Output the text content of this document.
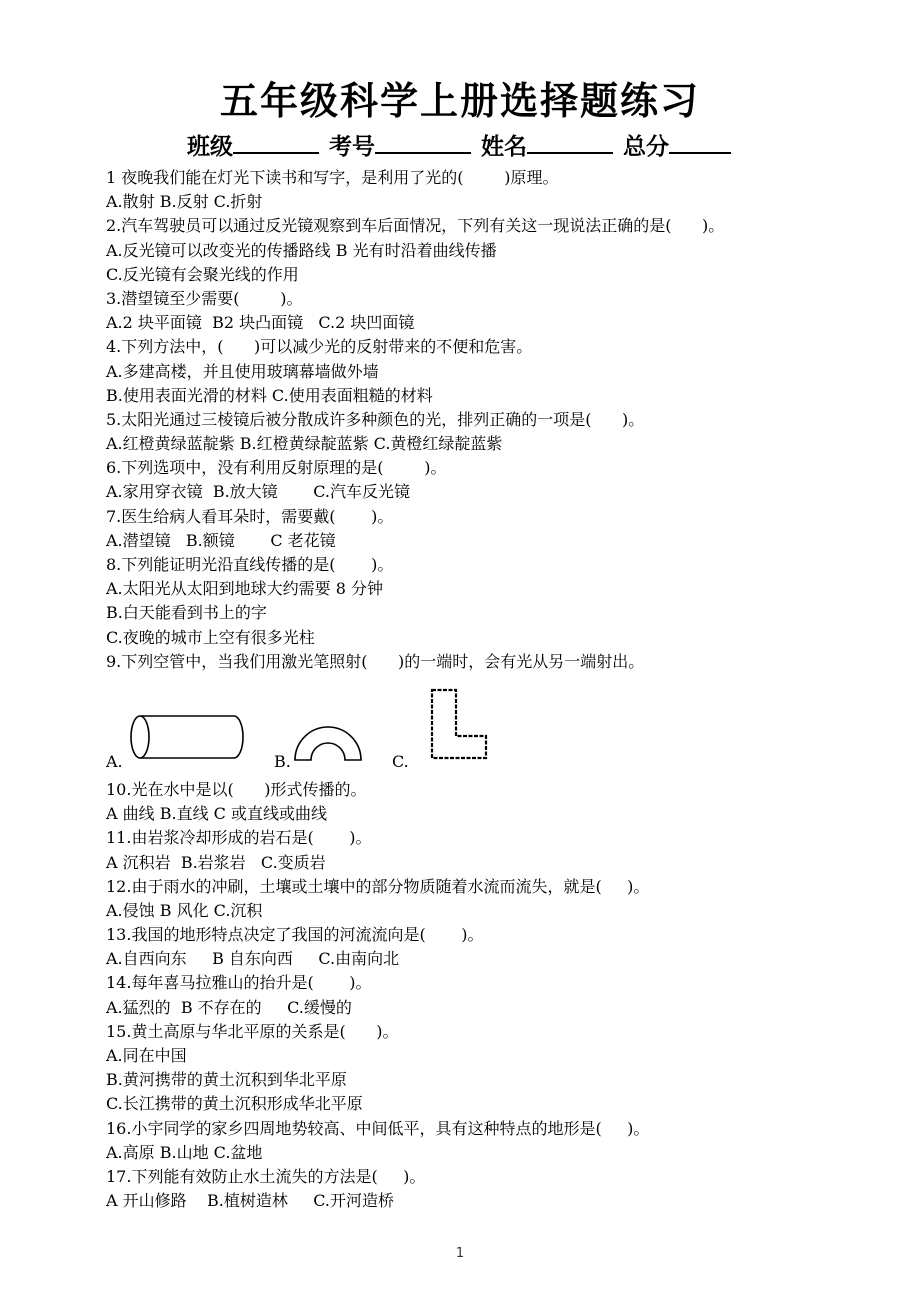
五年级科学上册选择题练习
班级	考号	姓名	总分
1 夜晚我们能在灯光下读书和写字，是利用了光的(        )原理。
A.散射 B.反射 C.折射
2.汽车驾驶员可以通过反光镜观察到车后面情况，下列有关这一现说法正确的是(      )。
A.反光镜可以改变光的传播路线 B 光有时沿着曲线传播
C.反光镜有会聚光线的作用
3.潜望镜至少需要(        )。
A.2 块平面镜  B2 块凸面镜   C.2 块凹面镜
4.下列方法中，(      )可以减少光的反射带来的不便和危害。
A.多建高楼，并且使用玻璃幕墙做外墙
B.使用表面光滑的材料 C.使用表面粗糙的材料
5.太阳光通过三棱镜后被分散成许多种颜色的光，排列正确的一项是(      )。
A.红橙黄绿蓝靛紫 B.红橙黄绿靛蓝紫 C.黄橙红绿靛蓝紫
6.下列选项中，没有利用反射原理的是(        )。
A.家用穿衣镜  B.放大镜       C.汽车反光镜
7.医生给病人看耳朵时，需要戴(       )。
A.潜望镜   B.额镜       C 老花镜
8.下列能证明光沿直线传播的是(       )。
A.太阳光从太阳到地球大约需要 8 分钟
B.白天能看到书上的字
C.夜晚的城市上空有很多光柱
9.下列空管中，当我们用激光笔照射(      )的一端时，会有光从另一端射出。
A.	B.	C.
10.光在水中是以(      )形式传播的。
A 曲线 B.直线 C 或直线或曲线
11.由岩浆冷却形成的岩石是(       )。
A 沉积岩  B.岩浆岩   C.变质岩
12.由于雨水的冲刷，土壤或土壤中的部分物质随着水流而流失，就是(     )。
A.侵蚀 B 风化 C.沉积
13.我国的地形特点决定了我国的河流流向是(       )。
A.自西向东     B 自东向西     C.由南向北
14.每年喜马拉雅山的抬升是(       )。
A.猛烈的  B 不存在的     C.缓慢的
15.黄土高原与华北平原的关系是(      )。
A.同在中国
B.黄河携带的黄土沉积到华北平原
C.长江携带的黄土沉积形成华北平原
16.小宇同学的家乡四周地势较高、中间低平，具有这种特点的地形是(     )。
A.高原 B.山地 C.盆地
17.下列能有效防止水土流失的方法是(     )。
A 开山修路    B.植树造林     C.开河造桥
1
